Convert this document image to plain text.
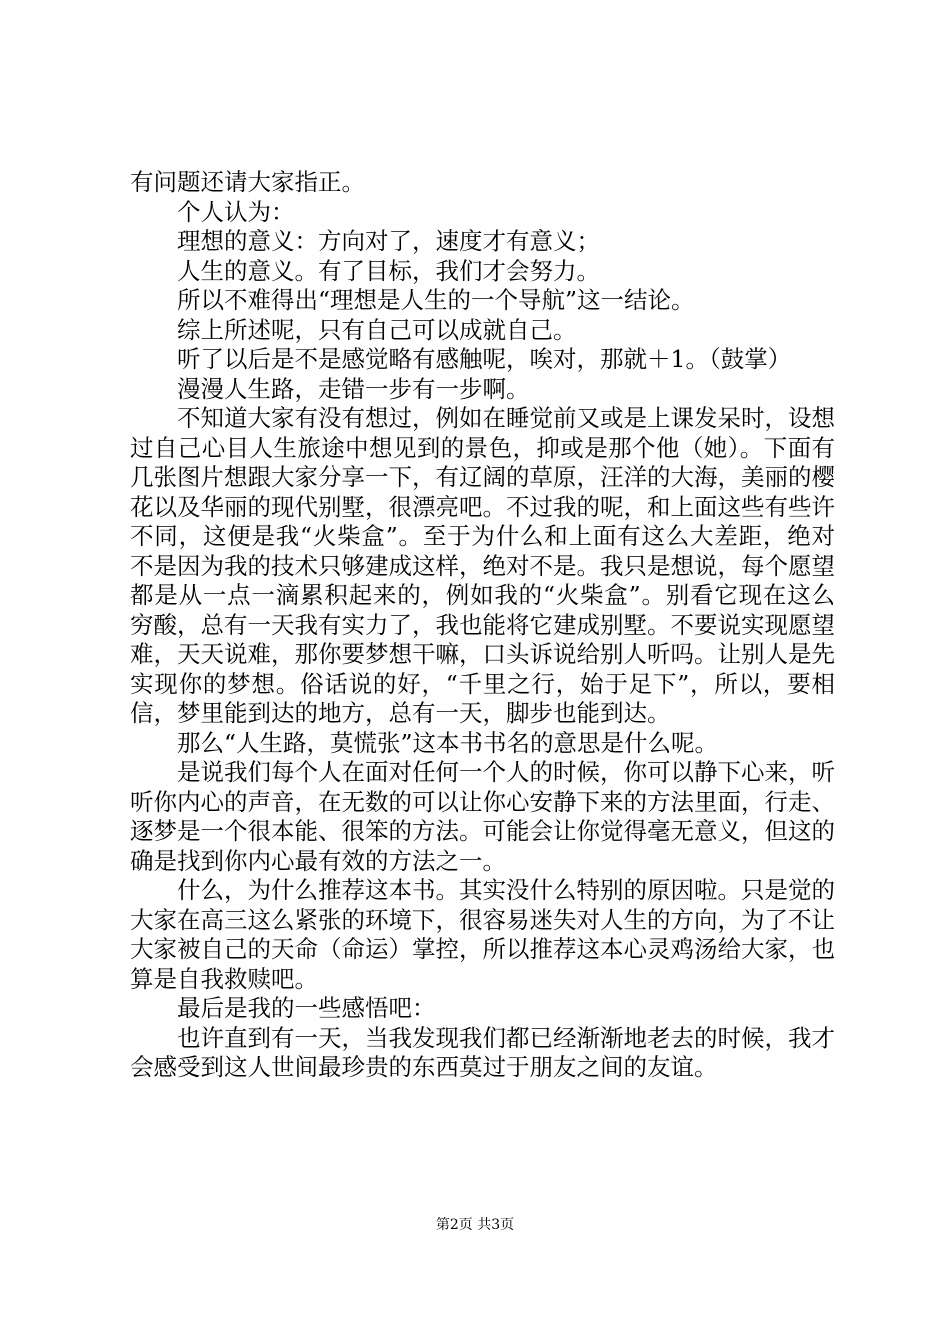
有问题还请大家指正。

个人认为：

理想的意义：方向对了，速度才有意义；

人生的意义。有了目标，我们才会努力。

所以不难得出“理想是人生的一个导航”这一结论。

综上所述呢，只有自己可以成就自己。

听了以后是不是感觉略有感触呢，唉对，那就＋1。（鼓掌）

漫漫人生路，走错一步有一步啊。

不知道大家有没有想过，例如在睡觉前又或是上课发呆时，设想过自己心目人生旅途中想见到的景色，抑或是那个他（她）。下面有几张图片想跟大家分享一下，有辽阔的草原，汪洋的大海，美丽的樱花以及华丽的现代别墅，很漂亮吧。不过我的呢，和上面这些有些许不同，这便是我“火柴盒”。至于为什么和上面有这么大差距，绝对不是因为我的技术只够建成这样，绝对不是。我只是想说，每个愿望都是从一点一滴累积起来的，例如我的“火柴盒”。别看它现在这么穷酸，总有一天我有实力了，我也能将它建成别墅。不要说实现愿望难，天天说难，那你要梦想干嘛，口头诉说给别人听吗。让别人是先实现你的梦想。俗话说的好，“千里之行，始于足下”，所以，要相信，梦里能到达的地方，总有一天，脚步也能到达。

那么“人生路，莫慌张”这本书书名的意思是什么呢。

是说我们每个人在面对任何一个人的时候，你可以静下心来，听听你内心的声音，在无数的可以让你心安静下来的方法里面，行走、逐梦是一个很本能、很笨的方法。可能会让你觉得毫无意义，但这的确是找到你内心最有效的方法之一。

什么，为什么推荐这本书。其实没什么特别的原因啦。只是觉的大家在高三这么紧张的环境下，很容易迷失对人生的方向，为了不让大家被自己的天命（命运）掌控，所以推荐这本心灵鸡汤给大家，也算是自我救赎吧。

最后是我的一些感悟吧：

也许直到有一天，当我发现我们都已经渐渐地老去的时候，我才会感受到这人世间最珍贵的东西莫过于朋友之间的友谊。

第2页 共3页
